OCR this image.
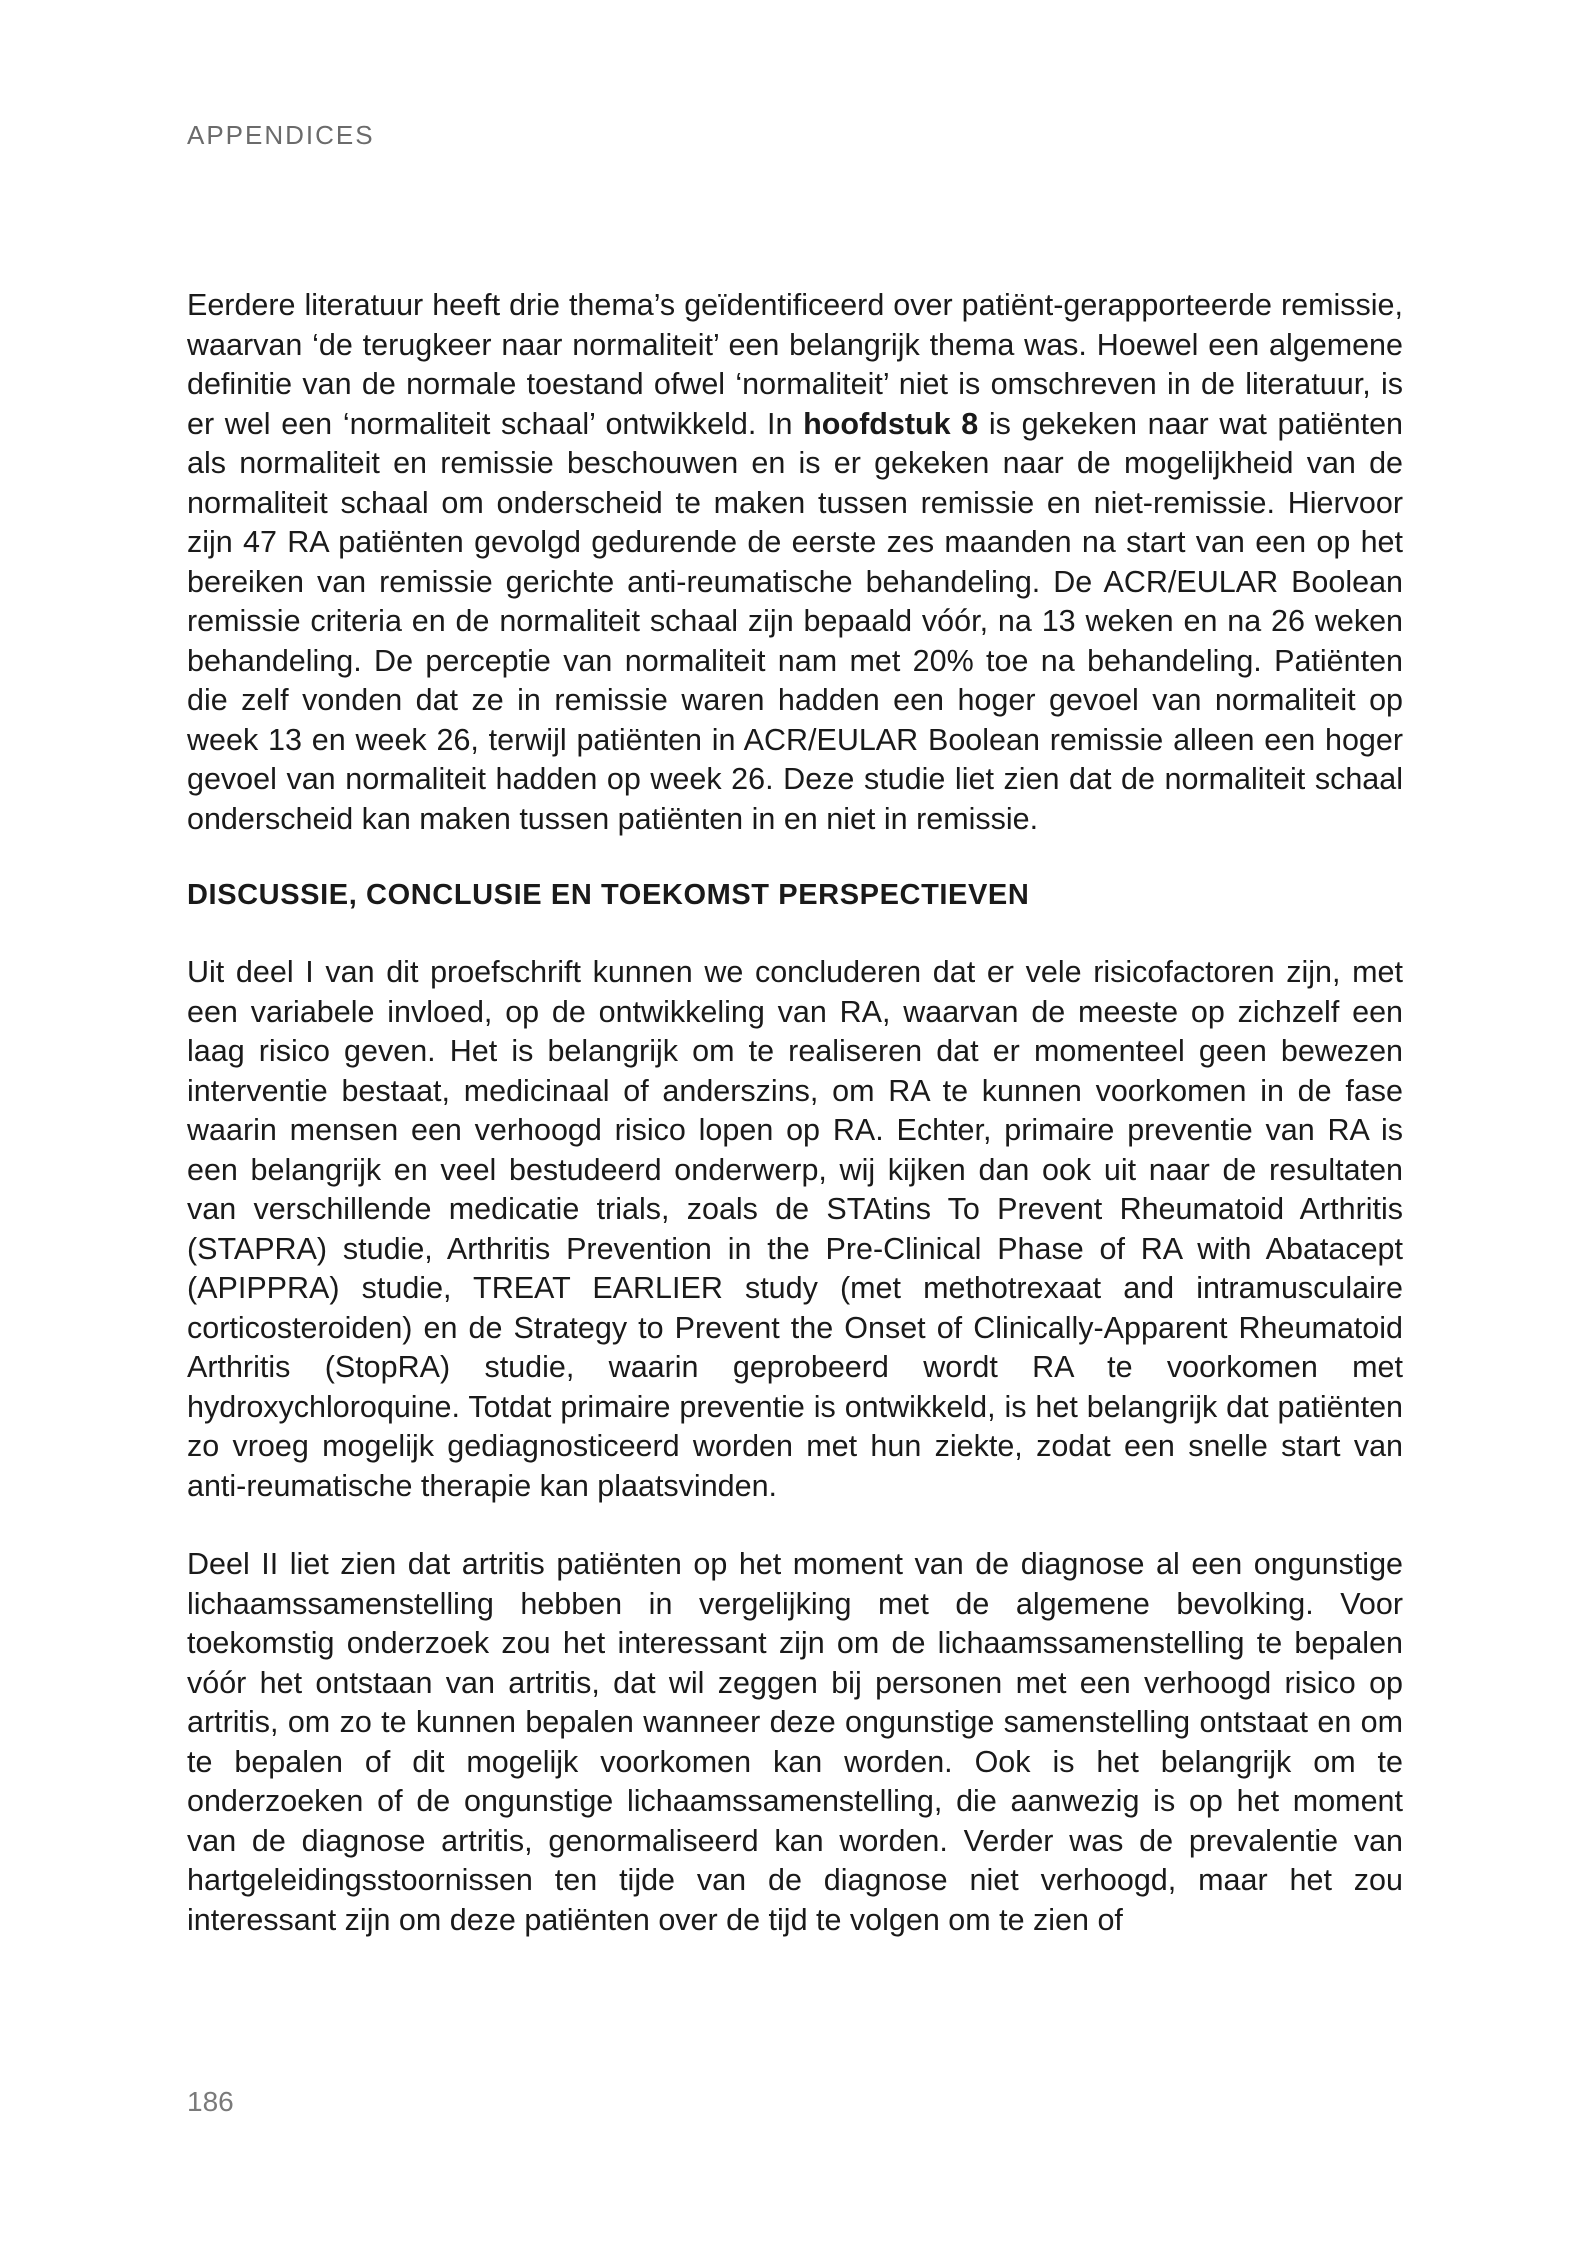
APPENDICES

Eerdere literatuur heeft drie thema’s geïdentificeerd over patiënt-gerapporteerde remissie, waarvan ‘de terugkeer naar normaliteit’ een belangrijk thema was. Hoewel een algemene definitie van de normale toestand ofwel ‘normaliteit’ niet is omschreven in de literatuur, is er wel een ‘normaliteit schaal’ ontwikkeld. In hoofdstuk 8 is gekeken naar wat patiënten als normaliteit en remissie beschouwen en is er gekeken naar de mogelijkheid van de normaliteit schaal om onderscheid te maken tussen remissie en niet-remissie. Hiervoor zijn 47 RA patiënten gevolgd gedurende de eerste zes maanden na start van een op het bereiken van remissie gerichte anti-reumatische behandeling. De ACR/EULAR Boolean remissie criteria en de normaliteit schaal zijn bepaald vóór, na 13 weken en na 26 weken behandeling. De perceptie van normaliteit nam met 20% toe na behandeling. Patiënten die zelf vonden dat ze in remissie waren hadden een hoger gevoel van normaliteit op week 13 en week 26, terwijl patiënten in ACR/EULAR Boolean remissie alleen een hoger gevoel van normaliteit hadden op week 26. Deze studie liet zien dat de normaliteit schaal onderscheid kan maken tussen patiënten in en niet in remissie.

DISCUSSIE, CONCLUSIE EN TOEKOMST PERSPECTIEVEN

Uit deel I van dit proefschrift kunnen we concluderen dat er vele risicofactoren zijn, met een variabele invloed, op de ontwikkeling van RA, waarvan de meeste op zichzelf een laag risico geven. Het is belangrijk om te realiseren dat er momenteel geen bewezen interventie bestaat, medicinaal of anderszins, om RA te kunnen voorkomen in de fase waarin mensen een verhoogd risico lopen op RA. Echter, primaire preventie van RA is een belangrijk en veel bestudeerd onderwerp, wij kijken dan ook uit naar de resultaten van verschillende medicatie trials, zoals de STAtins To Prevent Rheumatoid Arthritis (STAPRA) studie, Arthritis Prevention in the Pre-Clinical Phase of RA with Abatacept (APIPPRA) studie, TREAT EARLIER study (met methotrexaat and intramusculaire corticosteroiden) en de Strategy to Prevent the Onset of Clinically-Apparent Rheumatoid Arthritis (StopRA) studie, waarin geprobeerd wordt RA te voorkomen met hydroxychloroquine. Totdat primaire preventie is ontwikkeld, is het belangrijk dat patiënten zo vroeg mogelijk gediagnosticeerd worden met hun ziekte, zodat een snelle start van anti-reumatische therapie kan plaatsvinden.

Deel II liet zien dat artritis patiënten op het moment van de diagnose al een ongunstige lichaamssamenstelling hebben in vergelijking met de algemene bevolking. Voor toekomstig onderzoek zou het interessant zijn om de lichaamssamenstelling te bepalen vóór het ontstaan van artritis, dat wil zeggen bij personen met een verhoogd risico op artritis, om zo te kunnen bepalen wanneer deze ongunstige samenstelling ontstaat en om te bepalen of dit mogelijk voorkomen kan worden. Ook is het belangrijk om te onderzoeken of de ongunstige lichaamssamenstelling, die aanwezig is op het moment van de diagnose artritis, genormaliseerd kan worden. Verder was de prevalentie van hartgeleidingsstoornissen ten tijde van de diagnose niet verhoogd, maar het zou interessant zijn om deze patiënten over de tijd te volgen om te zien of

186
